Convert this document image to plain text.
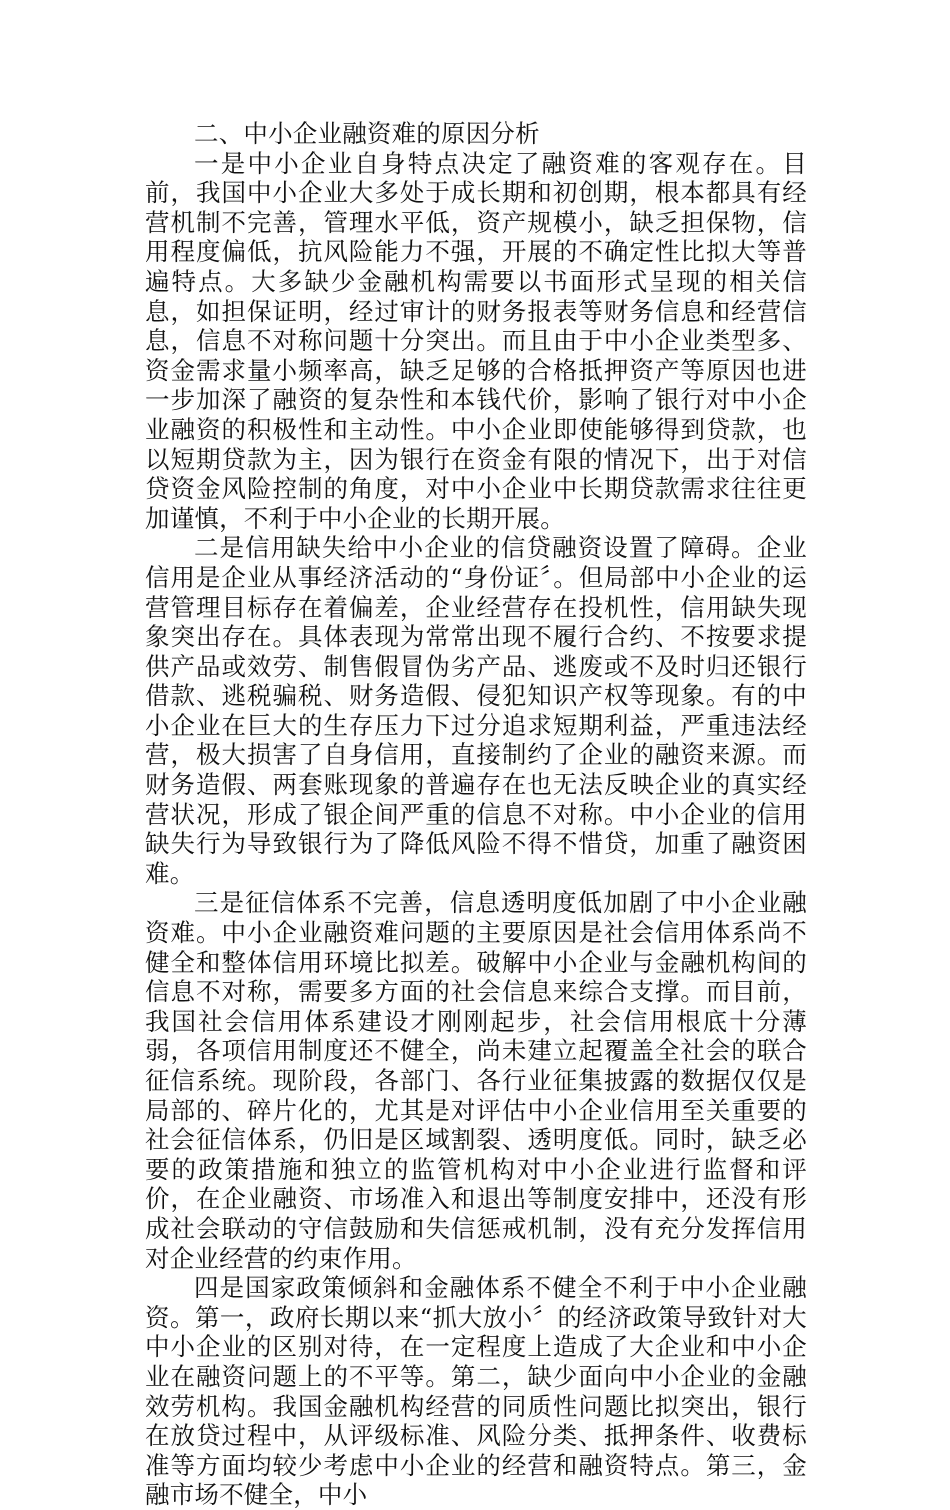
二、中小企业融资难的原因分析

一是中小企业自身特点决定了融资难的客观存在。目前，我国中小企业大多处于成长期和初创期，根本都具有经营机制不完善，管理水平低，资产规模小，缺乏担保物，信用程度偏低，抗风险能力不强，开展的不确定性比拟大等普遍特点。大多缺少金融机构需要以书面形式呈现的相关信息，如担保证明，经过审计的财务报表等财务信息和经营信息，信息不对称问题十分突出。而且由于中小企业类型多、资金需求量小频率高，缺乏足够的合格抵押资产等原因也进一步加深了融资的复杂性和本钱代价，影响了银行对中小企业融资的积极性和主动性。中小企业即使能够得到贷款，也以短期贷款为主，因为银行在资金有限的情况下，出于对信贷资金风险控制的角度，对中小企业中长期贷款需求往往更加谨慎，不利于中小企业的长期开展。

二是信用缺失给中小企业的信贷融资设置了障碍。企业信用是企业从事经济活动的“身份证〞。但局部中小企业的运营管理目标存在着偏差，企业经营存在投机性，信用缺失现象突出存在。具体表现为常常出现不履行合约、不按要求提供产品或效劳、制售假冒伪劣产品、逃废或不及时归还银行借款、逃税骗税、财务造假、侵犯知识产权等现象。有的中小企业在巨大的生存压力下过分追求短期利益，严重违法经营，极大损害了自身信用，直接制约了企业的融资来源。而财务造假、两套账现象的普遍存在也无法反映企业的真实经营状况，形成了银企间严重的信息不对称。中小企业的信用缺失行为导致银行为了降低风险不得不惜贷，加重了融资困难。

三是征信体系不完善，信息透明度低加剧了中小企业融资难。中小企业融资难问题的主要原因是社会信用体系尚不健全和整体信用环境比拟差。破解中小企业与金融机构间的信息不对称，需要多方面的社会信息来综合支撑。而目前，我国社会信用体系建设才刚刚起步，社会信用根底十分薄弱，各项信用制度还不健全，尚未建立起覆盖全社会的联合征信系统。现阶段，各部门、各行业征集披露的数据仅仅是局部的、碎片化的，尤其是对评估中小企业信用至关重要的社会征信体系，仍旧是区域割裂、透明度低。同时，缺乏必要的政策措施和独立的监管机构对中小企业进行监督和评价，在企业融资、市场准入和退出等制度安排中，还没有形成社会联动的守信鼓励和失信惩戒机制，没有充分发挥信用对企业经营的约束作用。

四是国家政策倾斜和金融体系不健全不利于中小企业融资。第一，政府长期以来“抓大放小〞的经济政策导致针对大中小企业的区别对待，在一定程度上造成了大企业和中小企业在融资问题上的不平等。第二，缺少面向中小企业的金融效劳机构。我国金融机构经营的同质性问题比拟突出，银行在放贷过程中，从评级标准、风险分类、抵押条件、收费标准等方面均较少考虑中小企业的经营和融资特点。第三，金融市场不健全，中小
